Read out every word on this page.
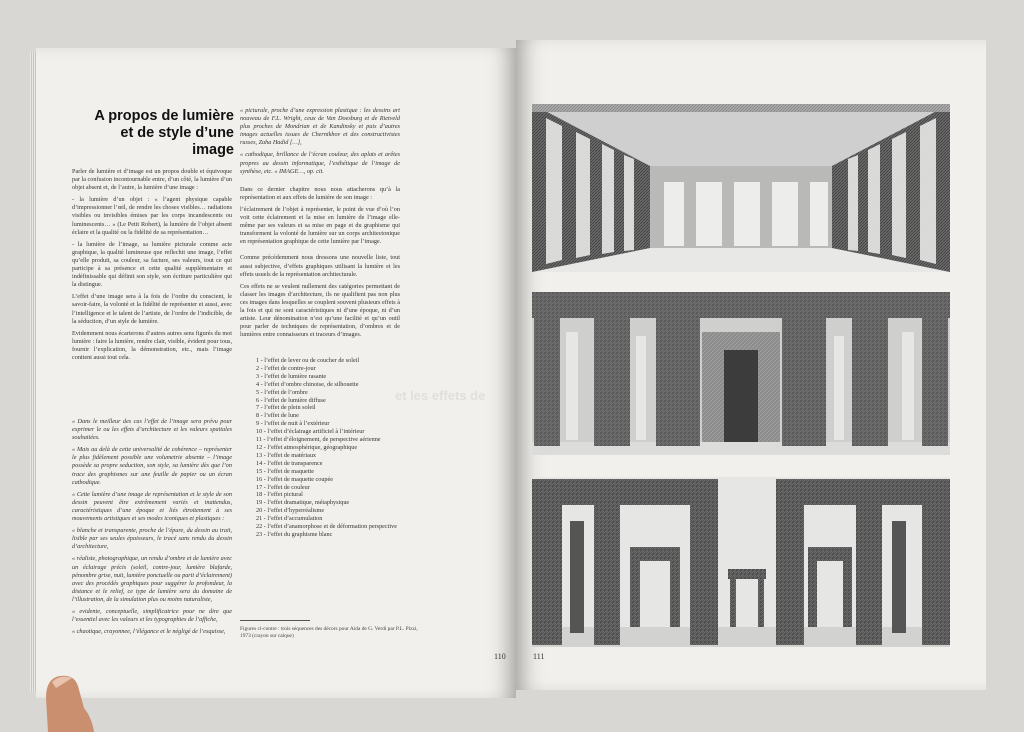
A propos de lumière et de style d’une image

Parler de lumière et d’image est un propos double et équivoque par la confusion incontournable entre, d’un côté, la lumière d’un objet absent et, de l’autre, la lumière d’une image :

- la lumière d’un objet : « l’agent physique capable d’impressionner l’œil, de rendre les choses visibles… radiations visibles ou invisibles émises par les corps incandescents ou luminescents… » (Le Petit Robert), la lumière de l’objet absent éclaire et la qualité ou la fidélité de sa représentation…

- la lumière de l’image, sa lumière picturale comme acte graphique, la qualité lumineuse que reflechit une image, l’effet qu’elle produit, sa couleur, sa facture, ses valeurs, tout ce qui participe à sa présence et cette qualité supplémentaire et indéfinissable qui définit son style, son écriture particulière qui la distingue.

L’effet d’une image sera à la fois de l’ordre du conscient, le savoir-faire, la volonté et la fidélité de représenter et aussi, avec l’intelligence et le talent de l’artiste, de l’ordre de l’indicible, de la séduction, d’un style de lumière.

Evidemment nous écarterons d’autres autres sens figurés du mot lumière : faire la lumière, rendre clair, visible, évident pour tous, fournir l’explication, la démonstration, etc., mais l’image contient aussi tout cela.

« Dans le meilleur des cas l’effet de l’image sera prévu pour exprimer le ou les effets d’architecture et les valeurs spatiales souhaitées.

« Mais au delà de cette universalité de cohérence – représenter le plus fidèlement possible une volumetrie absente – l’image possède sa propre seduction, son style, sa lumière dès que l’on trace des graphismes sur une feuille de papier ou un écran cathodique.

« Cette lumière d’une image de représentation et le style de son dessin peuvent être extrêmement variés et inattendus, caractéristiques d’une époque et liés étroitement à ses mouvements artistiques et ses modes iconiques et plastiques :

« blanche et transparente, proche de l’épure, du dessin au trait, lisible par ses seules épaisseurs, le tracé sans rendu du dessin d’architecture,

« réaliste, photographique, un rendu d’ombre et de lumière avec un éclairage précis (soleil, contre-jour, lumière blafarde, pénombre grise, nuit, lumière ponctuelle ou parti d’éclairement) avec des procédés graphiques pour suggérer la profondeur, la distance et le relief, ce type de lumière sera du domaine de l’illustration, de la simulation plus ou moins naturaliste,

« evidente, conceptuelle, simplificatrice pour ne dire que l’essentiel avec les valeurs et les typographies de l’affiche,

« chaotique, crayonnee, l’élégance et le négligé de l’esquisse,

« picturale, proche d’une expression plastique : les dessins art nouveau de F.L. Wright, ceux de Van Doesburg et de Rietveld plus proches de Mondrian et de Kandinsky et puis d’autres images actuelles issues de Chernikhov et des constructivistes russes, Zaha Hadid […],

« cathodique, brillance de l’écran couleur, des aplats et arêtes propres au dessin informatique, l’esthétique de l’image de synthèse, etc. » IMAGE…, op. cit.

Dans ce dernier chapitre nous nous attacherons qu’à la représentation et aux effets de lumière de son image :

l’éclairement de l’objet à représenter, le point de vue d’où l’on voit cette éclairement et la mise en lumière de l’image elle-même par ses valeurs et sa mise en page et du graphisme qui transforment la volonté de lumière sur un corps architectonique en représentation graphique de cette lumière par l’image.

Comme précédemment nous dressons une nouvelle liste, tout aussi subjective, d’effets graphiques utilisant la lumière et les effets usuels de la représentation architecturale.

Ces effets ne se veulent nullement des catégories permettant de classer les images d’architecture, ils ne qualifient pas non plus ces images dans lesquelles se couplent souvent plusieurs effets à la fois et qui ne sont caractéristiques ni d’une époque, ni d’un artiste. Leur dénomination n’est qu’une facilité et qu’un outil pour parler de techniques de représentation, d’ombres et de lumières entre connaisseurs et traceurs d’images.

1 - l’effet de lever ou de coucher de soleil
2 - l’effet de contre-jour
3 - l’effet de lumière rasante
4 - l’effet d’ombre chinoise, de silhouette
5 - l’effet de l’ombre
6 - l’effet de lumière diffuse
7 - l’effet de plein soleil
8 - l’effet de lune
9 - l’effet de nuit à l’extérieur
10 - l’effet d’éclairage artificiel à l’intérieur
11 - l’effet d’éloignement, de perspective aérienne
12 - l’effet atmosphérique, géographique
13 - l’effet de matériaux
14 - l’effet de transparence
15 - l’effet de maquette
16 - l’effet de maquette coupée
17 - l’effet de couleur
18 - l’effet pictural
19 - l’effet dramatique, métaphysique
20 - l’effet d’hyperréalisme
21 - l’effet d’accumulation
22 - l’effet d’anamorphose et de déformation perspective
23 - l’effet du graphisme blanc
et les effets de
Figures ci-contre : trois séquences des décors pour Aida de G. Verdi par P.L. Pizzi, 1973 (crayon sur calque)
110	111
